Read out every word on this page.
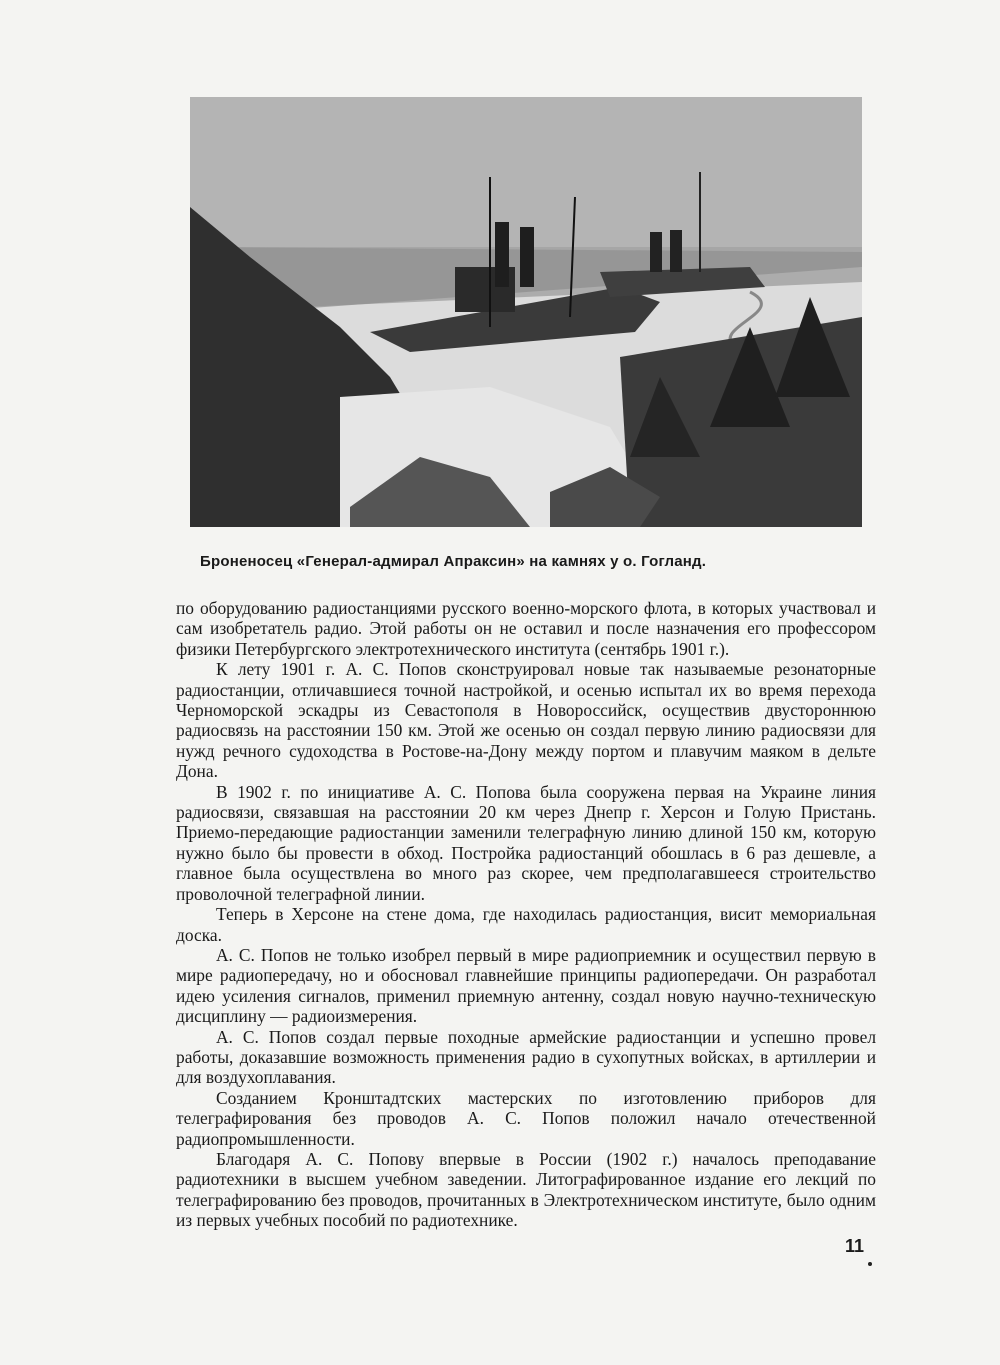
Броненосец «Генерал-адмирал Апраксин» на камнях у о. Гогланд.

по оборудованию радиостанциями русского военно-морского флота, в которых участвовал и сам изобретатель радио. Этой работы он не оставил и после назначения его профессором физики Петербургского электротехнического института (сентябрь 1901 г.).

К лету 1901 г. А. С. Попов сконструировал новые так называемые резонаторные радиостанции, отличавшиеся точной настройкой, и осенью испытал их во время перехода Черноморской эскадры из Севастополя в Новороссийск, осуществив двустороннюю радиосвязь на расстоянии 150 км. Этой же осенью он создал первую линию радиосвязи для нужд речного судоходства в Ростове-на-Дону между портом и плавучим маяком в дельте Дона.

В 1902 г. по инициативе А. С. Попова была сооружена первая на Украине линия радиосвязи, связавшая на расстоянии 20 км через Днепр г. Херсон и Голую Пристань. Приемо-передающие радиостанции заменили телеграфную линию длиной 150 км, которую нужно было бы провести в обход. Постройка радиостанций обошлась в 6 раз дешевле, а главное была осуществлена во много раз скорее, чем предполагавшееся строительство проволочной телеграфной линии.

Теперь в Херсоне на стене дома, где находилась радиостанция, висит мемориальная доска.

А. С. Попов не только изобрел первый в мире радиоприемник и осуществил первую в мире радиопередачу, но и обосновал главнейшие принципы радиопередачи. Он разработал идею усиления сигналов, применил приемную антенну, создал новую научно-техническую дисциплину — радиоизмерения.

А. С. Попов создал первые походные армейские радиостанции и успешно провел работы, доказавшие возможность применения радио в сухопутных войсках, в артиллерии и для воздухоплавания.

Созданием Кронштадтских мастерских по изготовлению приборов для телеграфирования без проводов А. С. Попов положил начало отечественной радиопромышленности.

Благодаря А. С. Попову впервые в России (1902 г.) началось преподавание радиотехники в высшем учебном заведении. Литографированное издание его лекций по телеграфированию без проводов, прочитанных в Электротехническом институте, было одним из первых учебных пособий по радиотехнике.

11
